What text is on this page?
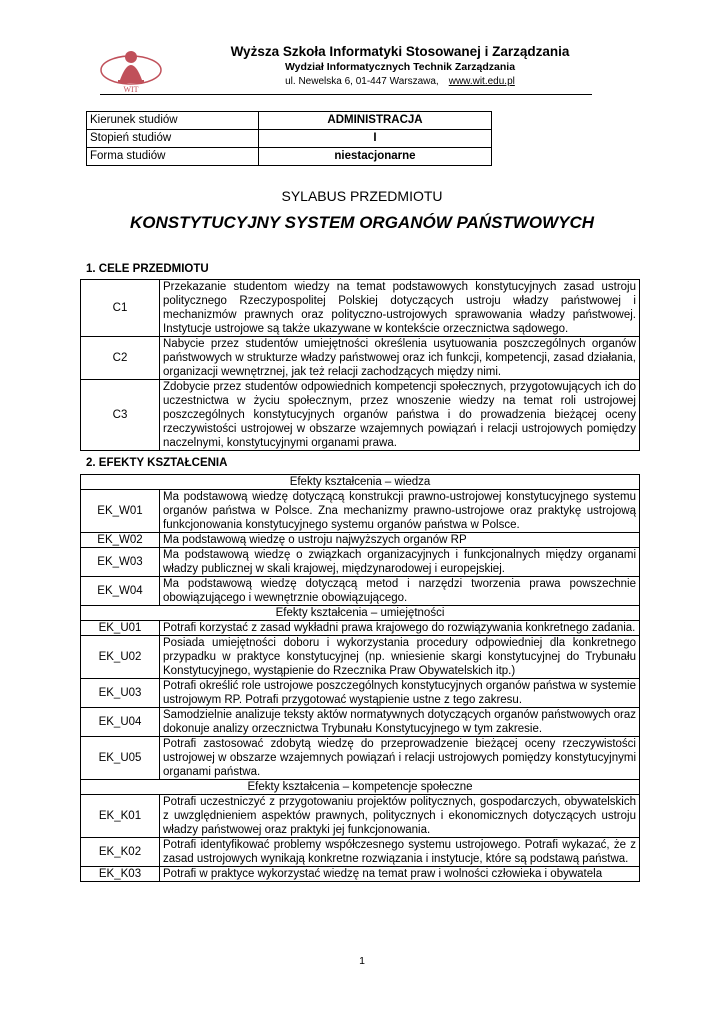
WIT
Wyższa Szkoła Informatyki Stosowanej i Zarządzania
Wydział Informatycznych Technik Zarządzania
ul. Newelska 6, 01-447 Warszawa, www.wit.edu.pl
Kierunek studiów	ADMINISTRACJA
Stopień studiów	I
Forma studiów	niestacjonarne
SYLABUS PRZEDMIOTU
KONSTYTUCYJNY SYSTEM ORGANÓW PAŃSTWOWYCH
1. CELE PRZEDMIOTU
C1	Przekazanie studentom wiedzy na temat podstawowych konstytucyjnych zasad ustroju politycznego Rzeczypospolitej Polskiej dotyczących ustroju władzy państwowej i mechanizmów prawnych oraz polityczno-ustrojowych sprawowania władzy państwowej. Instytucje ustrojowe są także ukazywane w kontekście orzecznictwa sądowego.
C2	Nabycie przez studentów umiejętności określenia usytuowania poszczególnych organów państwowych w strukturze władzy państwowej oraz ich funkcji, kompetencji, zasad działania, organizacji wewnętrznej, jak też relacji zachodzących między nimi.
C3	Zdobycie przez studentów odpowiednich kompetencji społecznych, przygotowujących ich do uczestnictwa w życiu społecznym, przez wnoszenie wiedzy na temat roli ustrojowej poszczególnych konstytucyjnych organów państwa i do prowadzenia bieżącej oceny rzeczywistości ustrojowej w obszarze wzajemnych powiązań i relacji ustrojowych pomiędzy naczelnymi, konstytucyjnymi organami prawa.
2. EFEKTY KSZTAŁCENIA
Efekty kształcenia – wiedza	
EK_W01	Ma podstawową wiedzę dotyczącą konstrukcji prawno-ustrojowej konstytucyjnego systemu organów państwa w Polsce. Zna mechanizmy prawno-ustrojowe oraz praktykę ustrojową funkcjonowania konstytucyjnego systemu organów państwa w Polsce.
EK_W02	Ma podstawową wiedzę o ustroju najwyższych organów RP
EK_W03	Ma podstawową wiedzę o związkach organizacyjnych i funkcjonalnych między organami władzy publicznej w skali krajowej, międzynarodowej i europejskiej.
EK_W04	Ma podstawową wiedzę dotyczącą metod i narzędzi tworzenia prawa powszechnie obowiązującego i wewnętrznie obowiązującego.
Efekty kształcenia – umiejętności	
EK_U01	Potrafi korzystać z zasad wykładni prawa krajowego do rozwiązywania konkretnego zadania.
EK_U02	Posiada umiejętności doboru i wykorzystania procedury odpowiedniej dla konkretnego przypadku w praktyce konstytucyjnej (np. wniesienie skargi konstytucyjnej do Trybunału Konstytucyjnego, wystąpienie do Rzecznika Praw Obywatelskich itp.)
EK_U03	Potrafi określić role ustrojowe poszczególnych konstytucyjnych organów państwa w systemie ustrojowym RP. Potrafi przygotować wystąpienie ustne z tego zakresu.
EK_U04	Samodzielnie analizuje teksty aktów normatywnych dotyczących organów państwowych oraz dokonuje analizy orzecznictwa Trybunału Konstytucyjnego w tym zakresie.
EK_U05	Potrafi zastosować zdobytą wiedzę do przeprowadzenie bieżącej oceny rzeczywistości ustrojowej w obszarze wzajemnych powiązań i relacji ustrojowych pomiędzy konstytucyjnymi organami państwa.
Efekty kształcenia – kompetencje społeczne	
EK_K01	Potrafi uczestniczyć z przygotowaniu projektów politycznych, gospodarczych, obywatelskich z uwzględnieniem aspektów prawnych, politycznych i ekonomicznych dotyczących ustroju władzy państwowej oraz praktyki jej funkcjonowania.
EK_K02	Potrafi identyfikować problemy współczesnego systemu ustrojowego. Potrafi wykazać, że z zasad ustrojowych wynikają konkretne rozwiązania i instytucje, które są podstawą państwa.
EK_K03	Potrafi w praktyce wykorzystać wiedzę na temat praw i wolności człowieka i obywatela
1
